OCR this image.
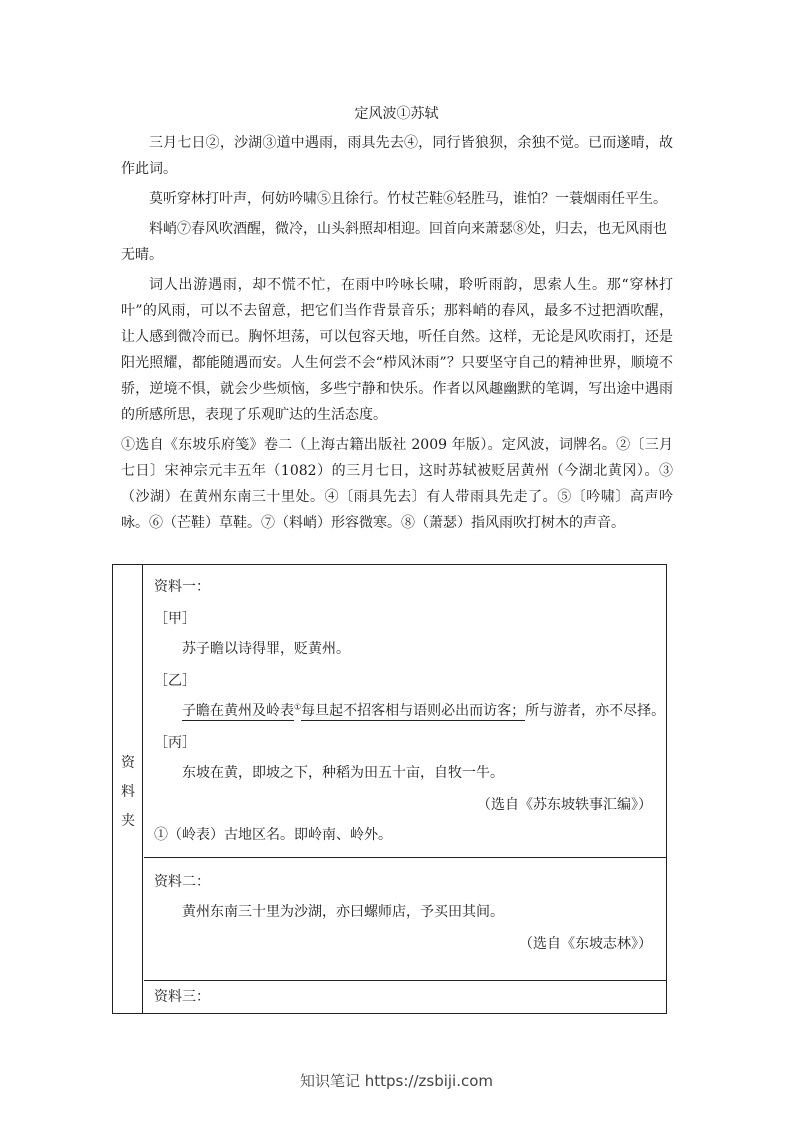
定风波①苏轼

三月七日②，沙湖③道中遇雨，雨具先去④，同行皆狼狈，余独不觉。已而遂晴，故作此词。

莫听穿林打叶声，何妨吟啸⑤且徐行。竹杖芒鞋⑥轻胜马，谁怕？一蓑烟雨任平生。

料峭⑦春风吹酒醒，微冷，山头斜照却相迎。回首向来萧瑟⑧处，归去，也无风雨也无晴。

词人出游遇雨，却不慌不忙，在雨中吟咏长啸，聆听雨韵，思索人生。那“穿林打叶”的风雨，可以不去留意，把它们当作背景音乐；那料峭的春风，最多不过把酒吹醒，让人感到微冷而已。胸怀坦荡，可以包容天地，听任自然。这样，无论是风吹雨打，还是阳光照耀，都能随遇而安。人生何尝不会“栉风沐雨”？只要坚守自己的精神世界，顺境不骄，逆境不惧，就会少些烦恼，多些宁静和快乐。作者以风趣幽默的笔调，写出途中遇雨的所感所思，表现了乐观旷达的生活态度。

①选自《东坡乐府笺》卷二（上海古籍出版社 2009 年版）。定风波，词牌名。②〔三月七日〕宋神宗元丰五年（1082）的三月七日，这时苏轼被贬居黄州（今湖北黄冈）。③（沙湖）在黄州东南三十里处。④〔雨具先去〕有人带雨具先走了。⑤〔吟啸〕高声吟咏。⑥（芒鞋）草鞋。⑦（料峭）形容微寒。⑧（萧瑟）指风雨吹打树木的声音。

资
料
夹
资料一：
［甲］
苏子瞻以诗得罪，贬黄州。
［乙］
子瞻在黄州及岭表①每旦起不招客相与语则必出而访客；所与游者，亦不尽择。
［丙］
东坡在黄，即坡之下，种稻为田五十亩，自牧一牛。
（选自《苏东坡轶事汇编》）
①（岭表）古地区名。即岭南、岭外。
资料二：
黄州东南三十里为沙湖，亦曰螺师店，予买田其间。
（选自《东坡志林》）
资料三：
知识笔记 https://zsbiji.com
